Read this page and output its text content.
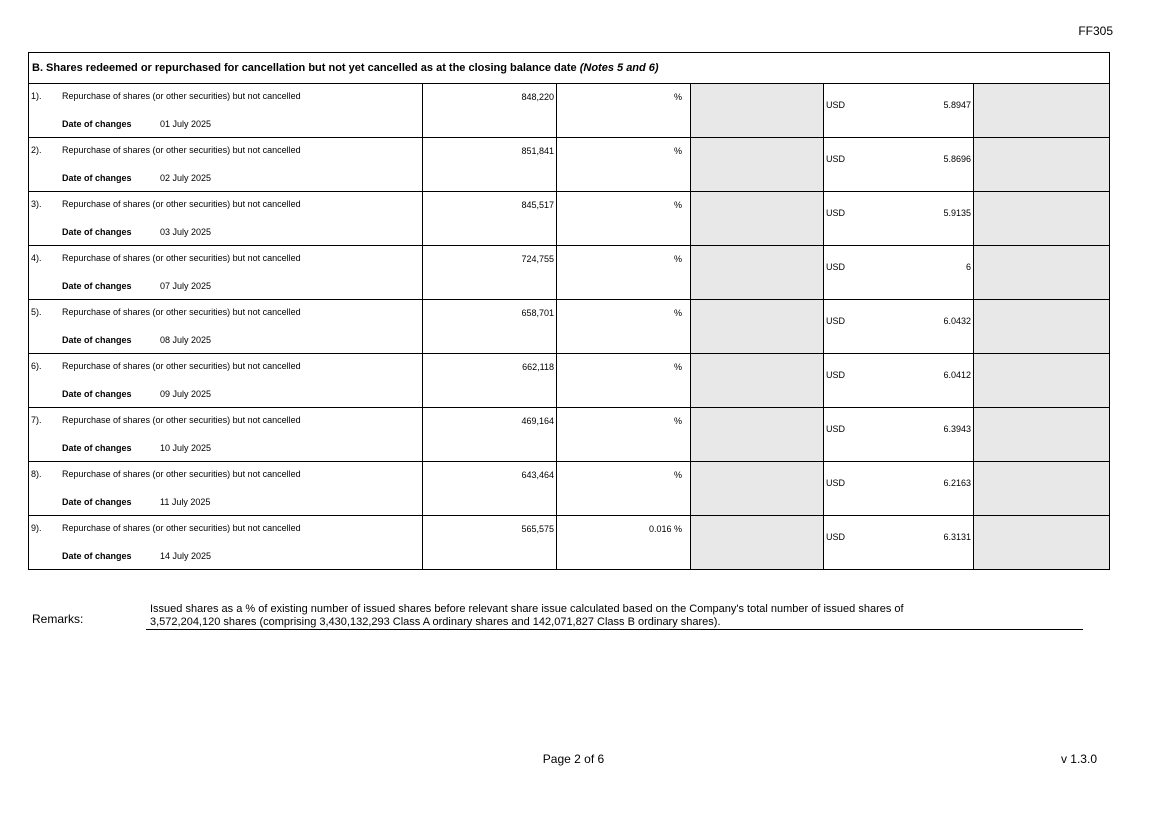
FF305
B. Shares redeemed or repurchased for cancellation but not yet cancelled as at the closing balance date (Notes 5 and 6)					

1). Repurchase of shares (or other securities) but not cancelled
Date of changes 01 July 2025	848,220	%		USD 5.8947	

2). Repurchase of shares (or other securities) but not cancelled
Date of changes 02 July 2025	851,841	%		USD 5.8696	

3). Repurchase of shares (or other securities) but not cancelled
Date of changes 03 July 2025	845,517	%		USD 5.9135	

4). Repurchase of shares (or other securities) but not cancelled
Date of changes 07 July 2025	724,755	%		USD 6	

5). Repurchase of shares (or other securities) but not cancelled
Date of changes 08 July 2025	658,701	%		USD 6.0432	

6). Repurchase of shares (or other securities) but not cancelled
Date of changes 09 July 2025	662,118	%		USD 6.0412	

7). Repurchase of shares (or other securities) but not cancelled
Date of changes 10 July 2025	469,164	%		USD 6.3943	

8). Repurchase of shares (or other securities) but not cancelled
Date of changes 11 July 2025	643,464	%		USD 6.2163	

9). Repurchase of shares (or other securities) but not cancelled
Date of changes 14 July 2025	565,575	0.016 %		USD 6.3131	

Remarks:
Issued shares as a % of existing number of issued shares before relevant share issue calculated based on the Company's total number of issued shares of
3,572,204,120 shares (comprising 3,430,132,293 Class A ordinary shares and 142,071,827 Class B ordinary shares).
Page 2 of 6	v 1.3.0
